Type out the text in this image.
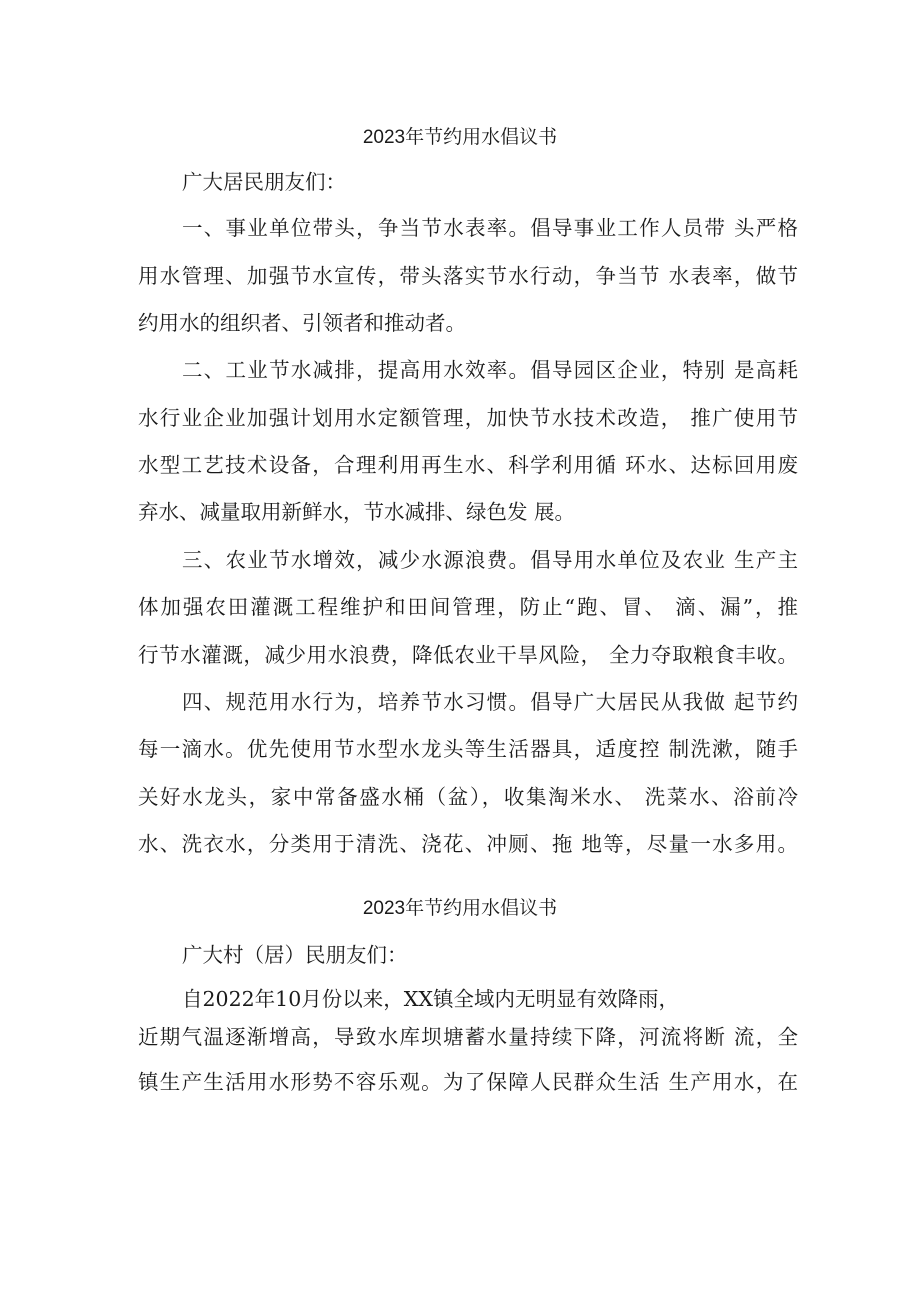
2023年节约用水倡议书
广大居民朋友们：
一、事业单位带头，争当节水表率。倡导事业工作人员带 头严格
用水管理、加强节水宣传，带头落实节水行动，争当节 水表率，做节
约用水的组织者、引领者和推动者。
二、工业节水减排，提高用水效率。倡导园区企业，特别 是高耗
水行业企业加强计划用水定额管理，加快节水技术改造， 推广使用节
水型工艺技术设备，合理利用再生水、科学利用循 环水、达标回用废
弃水、减量取用新鲜水，节水减排、绿色发 展。
三、农业节水增效，减少水源浪费。倡导用水单位及农业 生产主
体加强农田灌溉工程维护和田间管理，防止“跑、冒、 滴、漏”，推
行节水灌溉，减少用水浪费，降低农业干旱风险， 全力夺取粮食丰收。
四、规范用水行为，培养节水习惯。倡导广大居民从我做 起节约
每一滴水。优先使用节水型水龙头等生活器具，适度控 制洗漱，随手
关好水龙头，家中常备盛水桶（盆），收集淘米水、 洗菜水、浴前冷
水、洗衣水，分类用于清洗、浇花、冲厕、拖 地等，尽量一水多用。
2023年节约用水倡议书
广大村（居）民朋友们：
自2022年10月份以来，XX镇全域内无明显有效降雨，
近期气温逐渐增高，导致水库坝塘蓄水量持续下降，河流将断 流，全
镇生产生活用水形势不容乐观。为了保障人民群众生活 生产用水，在
